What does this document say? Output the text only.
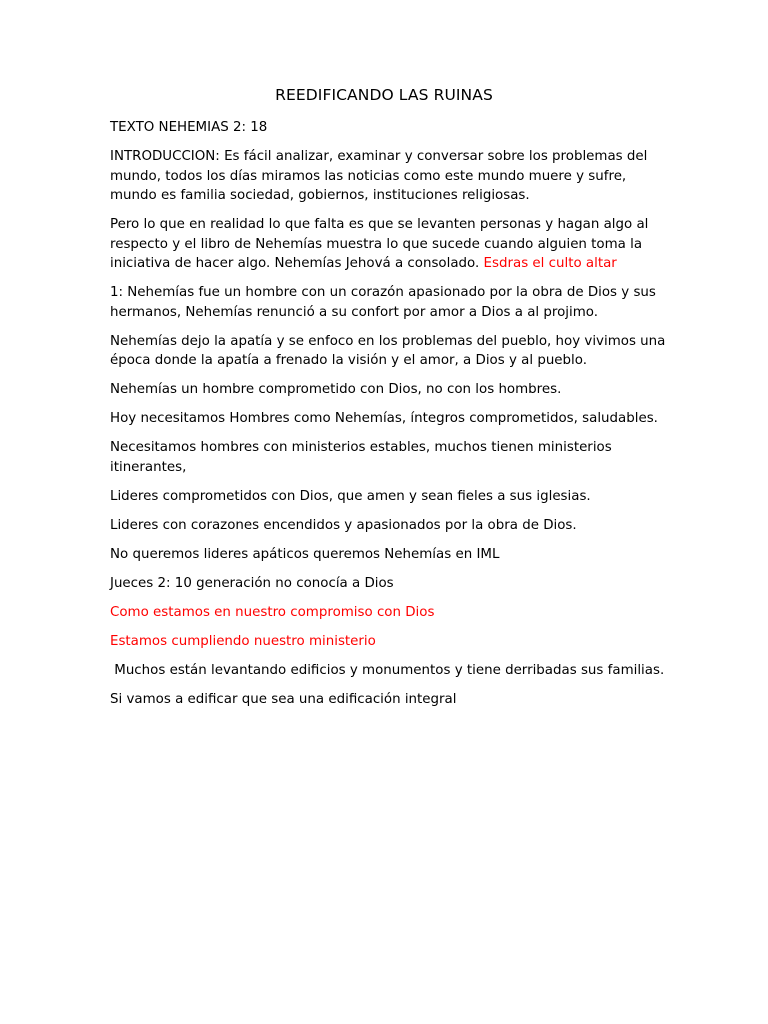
REEDIFICANDO LAS RUINAS

TEXTO NEHEMIAS 2: 18

INTRODUCCION: Es fácil analizar, examinar y conversar sobre los problemas del mundo, todos los días miramos las noticias como este mundo muere y sufre, mundo es familia sociedad, gobiernos, instituciones religiosas.

Pero lo que en realidad lo que falta es que se levanten personas y hagan algo al respecto y el libro de Nehemías muestra lo que sucede cuando alguien toma la iniciativa de hacer algo. Nehemías Jehová a consolado. Esdras el culto altar

1: Nehemías fue un hombre con un corazón apasionado por la obra de Dios y sus hermanos, Nehemías renunció a su confort por amor a Dios a al projimo.

Nehemías dejo la apatía y se enfoco en los problemas del pueblo, hoy vivimos una época donde la apatía a frenado la visión y el amor, a Dios y al pueblo.

Nehemías un hombre comprometido con Dios, no con los hombres.

Hoy necesitamos Hombres como Nehemías, íntegros comprometidos, saludables.

Necesitamos hombres con ministerios estables, muchos tienen ministerios itinerantes,

Lideres comprometidos con Dios, que amen y sean fieles a sus iglesias.

Lideres con corazones encendidos y apasionados por la obra de Dios.

No queremos lideres apáticos queremos Nehemías en IML

Jueces 2: 10 generación no conocía a Dios

Como estamos en nuestro compromiso con Dios

Estamos cumpliendo nuestro ministerio

Muchos están levantando edificios y monumentos y tiene derribadas sus familias.

Si vamos a edificar que sea una edificación integral
